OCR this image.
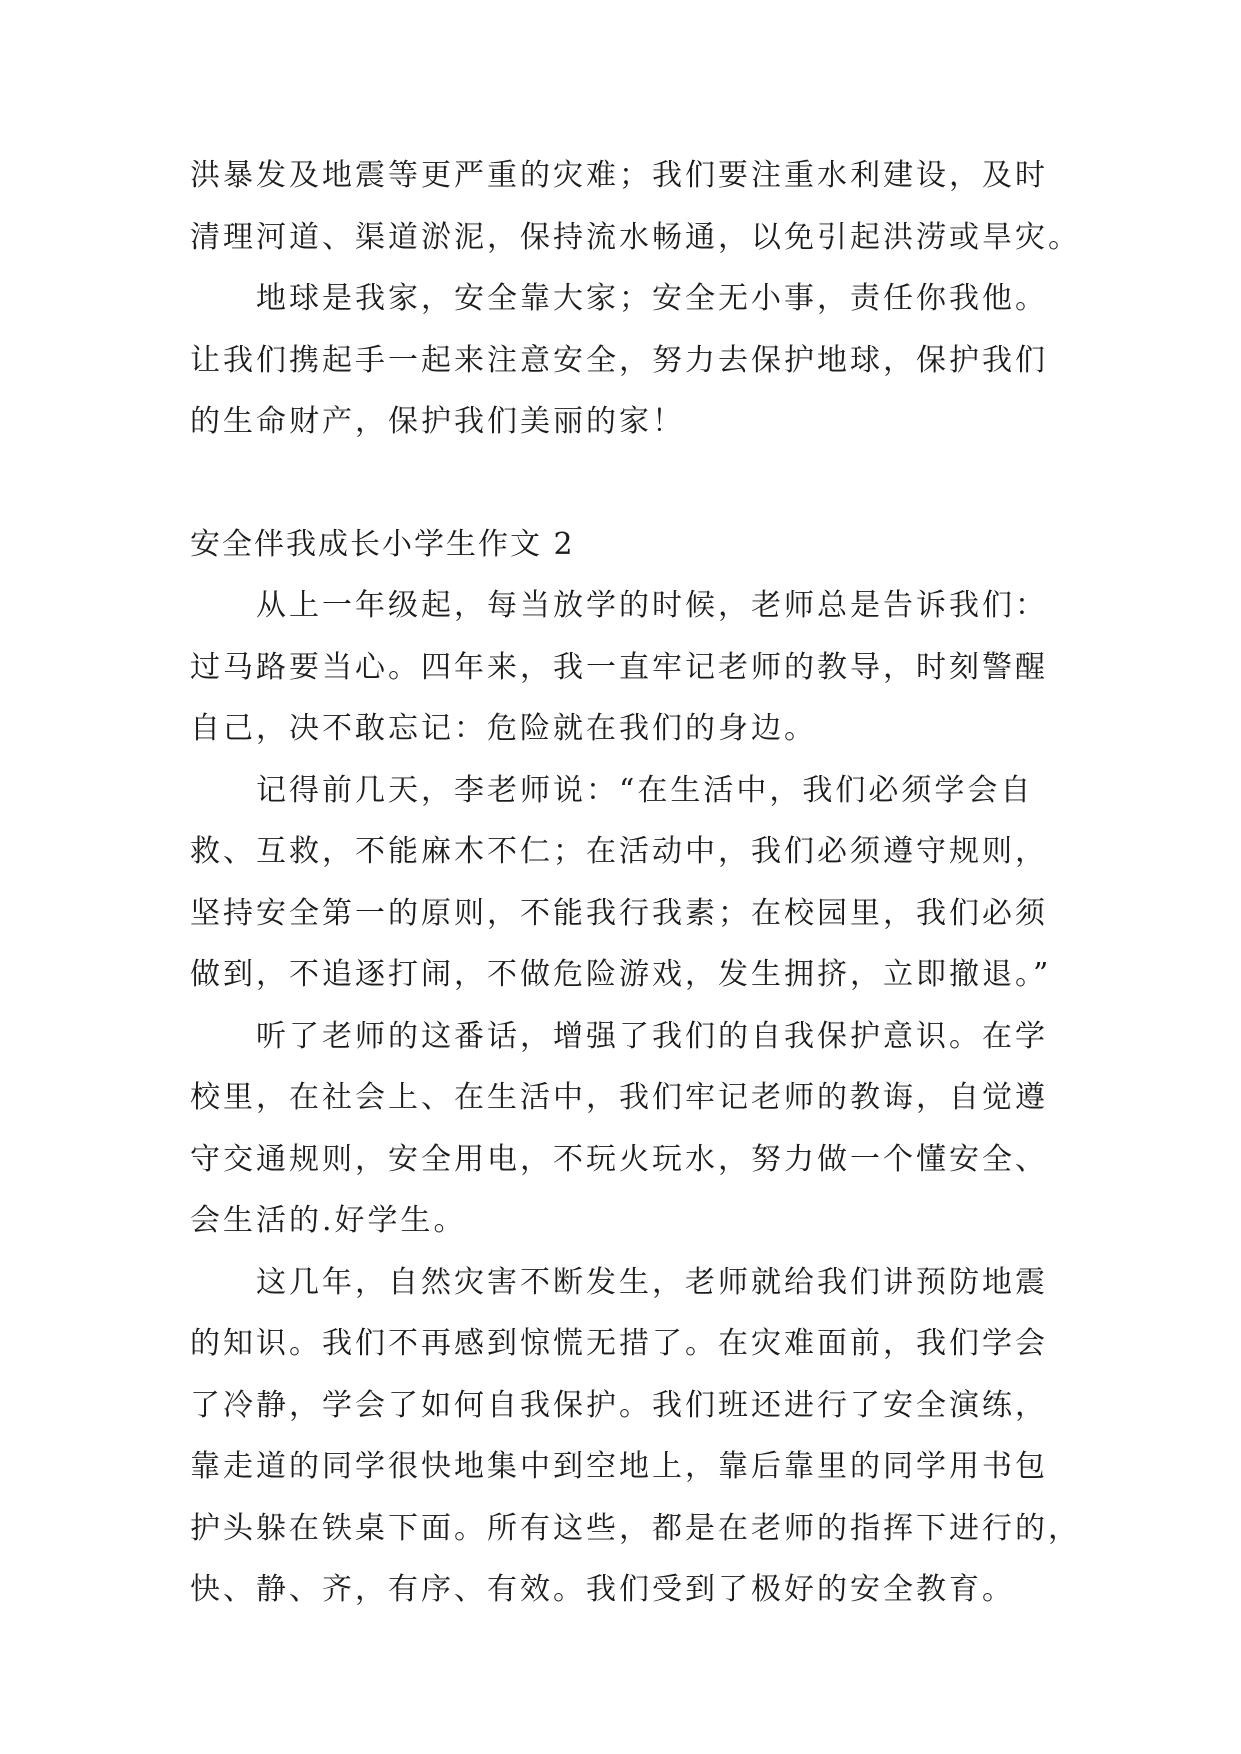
洪暴发及地震等更严重的灾难；我们要注重水利建设，及时
清理河道、渠道淤泥，保持流水畅通，以免引起洪涝或旱灾。
地球是我家，安全靠大家；安全无小事，责任你我他。
让我们携起手一起来注意安全，努力去保护地球，保护我们
的生命财产，保护我们美丽的家！
安全伴我成长小学生作文 2
从上一年级起，每当放学的时候，老师总是告诉我们：
过马路要当心。四年来，我一直牢记老师的教导，时刻警醒
自己，决不敢忘记：危险就在我们的身边。
记得前几天，李老师说：“在生活中，我们必须学会自
救、互救，不能麻木不仁；在活动中，我们必须遵守规则，
坚持安全第一的原则，不能我行我素；在校园里，我们必须
做到，不追逐打闹，不做危险游戏，发生拥挤，立即撤退。”
听了老师的这番话，增强了我们的自我保护意识。在学
校里，在社会上、在生活中，我们牢记老师的教诲，自觉遵
守交通规则，安全用电，不玩火玩水，努力做一个懂安全、
会生活的.好学生。
这几年，自然灾害不断发生，老师就给我们讲预防地震
的知识。我们不再感到惊慌无措了。在灾难面前，我们学会
了冷静，学会了如何自我保护。我们班还进行了安全演练，
靠走道的同学很快地集中到空地上，靠后靠里的同学用书包
护头躲在铁桌下面。所有这些，都是在老师的指挥下进行的，
快、静、齐，有序、有效。我们受到了极好的安全教育。
